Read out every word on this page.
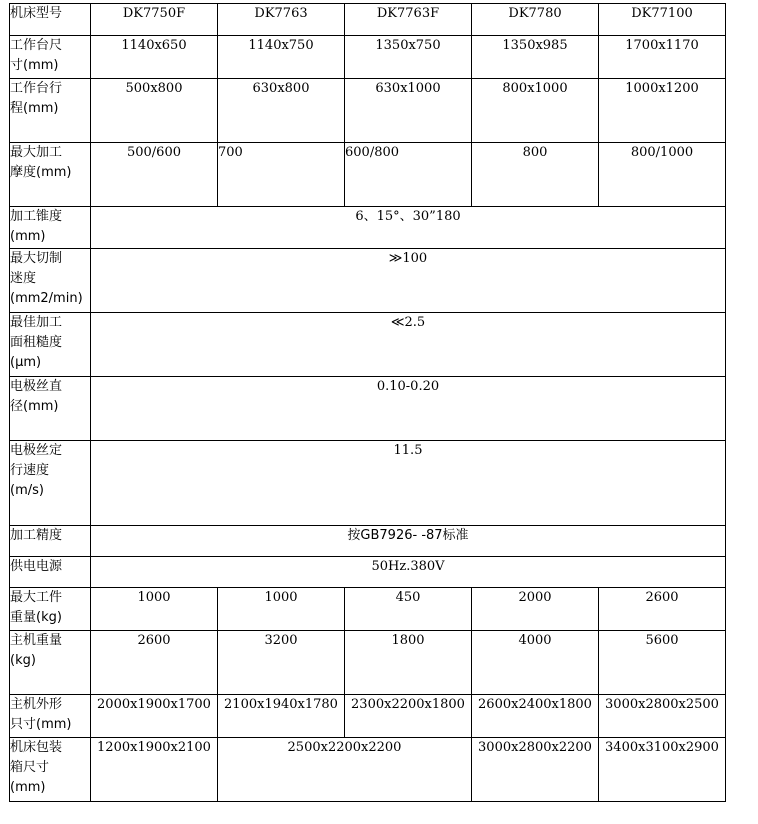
机床型号	DK7750F	DK7763	DK7763F	DK7780	DK77100
工作台尺
寸(mm)	1140x650	1140x750	1350x750	1350x985	1700x1170
工作台行
程(mm)	500x800	630x800	630x1000	800x1000	1000x1200
最大加工
摩度(mm)	500/600	700	600/800	800	800/1000
加工锥度
(mm)	6、15°、30”180				
最大切制
迷度
(mm2/min)	≫100				
最佳加工
面租糙度
(μm)	≪2.5				
电极丝直
径(mm)	0.10-0.20				
电极丝定
行速度
(m/s)	11.5				
加工精度	按GB7926- -87标准				
供电电源	50Hz.380V				
最大工件
重量(kg)	1000	1000	450	2000	2600
主机重量
(kg)	2600	3200	1800	4000	5600
主机外形
只寸(mm)	2000x1900x1700	2100x1940x1780	2300x2200x1800	2600x2400x1800	3000x2800x2500
机床包装
箱尺寸
(mm)	1200x1900x2100	2500x2200x2200		3000x2800x2200	3400x3100x2900
